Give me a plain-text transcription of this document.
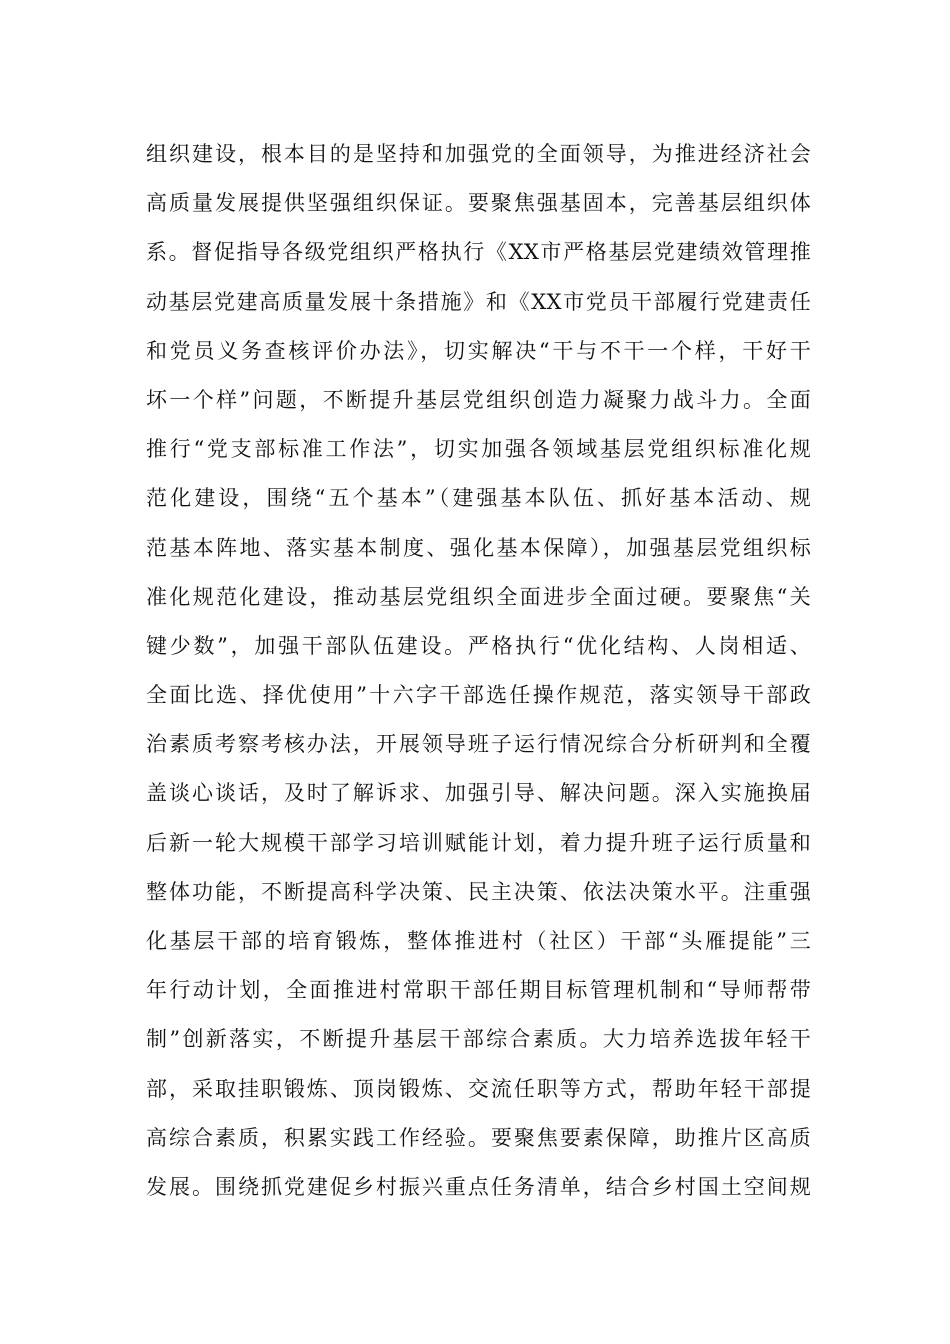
组织建设，根本目的是坚持和加强党的全面领导，为推进经济社会
高质量发展提供坚强组织保证。要聚焦强基固本，完善基层组织体
系。督促指导各级党组织严格执行《XX市严格基层党建绩效管理推
动基层党建高质量发展十条措施》和《XX市党员干部履行党建责任
和党员义务查核评价办法》，切实解决“干与不干一个样，干好干
坏一个样”问题，不断提升基层党组织创造力凝聚力战斗力。全面
推行“党支部标准工作法”，切实加强各领域基层党组织标准化规
范化建设，围绕“五个基本”（建强基本队伍、抓好基本活动、规
范基本阵地、落实基本制度、强化基本保障），加强基层党组织标
准化规范化建设，推动基层党组织全面进步全面过硬。要聚焦“关
键少数”，加强干部队伍建设。严格执行“优化结构、人岗相适、
全面比选、择优使用”十六字干部选任操作规范，落实领导干部政
治素质考察考核办法，开展领导班子运行情况综合分析研判和全覆
盖谈心谈话，及时了解诉求、加强引导、解决问题。深入实施换届
后新一轮大规模干部学习培训赋能计划，着力提升班子运行质量和
整体功能，不断提高科学决策、民主决策、依法决策水平。注重强
化基层干部的培育锻炼，整体推进村（社区）干部“头雁提能”三
年行动计划，全面推进村常职干部任期目标管理机制和“导师帮带
制”创新落实，不断提升基层干部综合素质。大力培养选拔年轻干
部，采取挂职锻炼、顶岗锻炼、交流任职等方式，帮助年轻干部提
高综合素质，积累实践工作经验。要聚焦要素保障，助推片区高质
发展。围绕抓党建促乡村振兴重点任务清单，结合乡村国土空间规
